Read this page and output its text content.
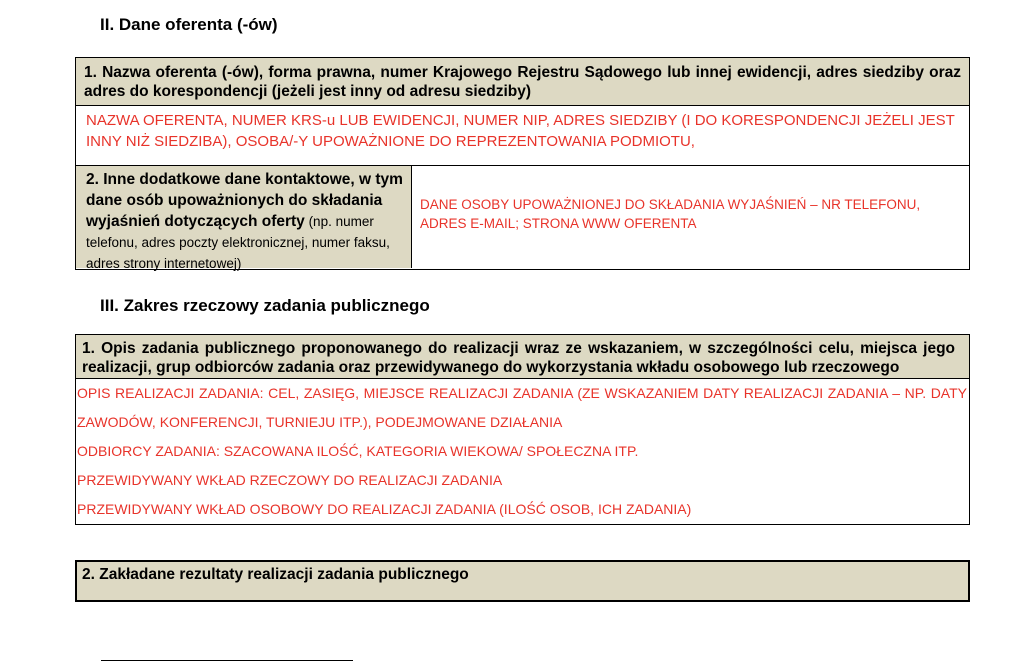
II. Dane oferenta (-ów)
1. Nazwa oferenta (-ów), forma prawna, numer Krajowego Rejestru Sądowego lub innej ewidencji, adres siedziby oraz adres do korespondencji (jeżeli jest inny od adresu siedziby)
NAZWA OFERENTA, NUMER KRS-u LUB EWIDENCJI, NUMER NIP, ADRES SIEDZIBY (I DO KORESPONDENCJI JEŻELI JEST INNY NIŻ SIEDZIBA), OSOBA/-Y UPOWAŻNIONE DO REPREZENTOWANIA PODMIOTU,
2. Inne dodatkowe dane kontaktowe, w tym dane osób upoważnionych do składania wyjaśnień dotyczących oferty (np. numer telefonu, adres poczty elektronicznej, numer faksu, adres strony internetowej)
DANE OSOBY UPOWAŻNIONEJ DO SKŁADANIA WYJAŚNIEŃ – NR TELEFONU, ADRES E-MAIL; STRONA WWW OFERENTA
III. Zakres rzeczowy zadania publicznego
1. Opis zadania publicznego proponowanego do realizacji wraz ze wskazaniem, w szczególności celu, miejsca jego realizacji, grup odbiorców zadania oraz przewidywanego do wykorzystania wkładu osobowego lub rzeczowego
OPIS REALIZACJI ZADANIA: CEL, ZASIĘG, MIEJSCE REALIZACJI ZADANIA (ZE WSKAZANIEM DATY REALIZACJI ZADANIA – NP. DATY ZAWODÓW, KONFERENCJI, TURNIEJU ITP.), PODEJMOWANE DZIAŁANIA
ODBIORCY ZADANIA: SZACOWANA ILOŚĆ, KATEGORIA WIEKOWA/ SPOŁECZNA ITP.
PRZEWIDYWANY WKŁAD RZECZOWY DO REALIZACJI ZADANIA
PRZEWIDYWANY WKŁAD OSOBOWY DO REALIZACJI ZADANIA (ILOŚĆ OSOB, ICH ZADANIA)
2. Zakładane rezultaty realizacji zadania publicznego
